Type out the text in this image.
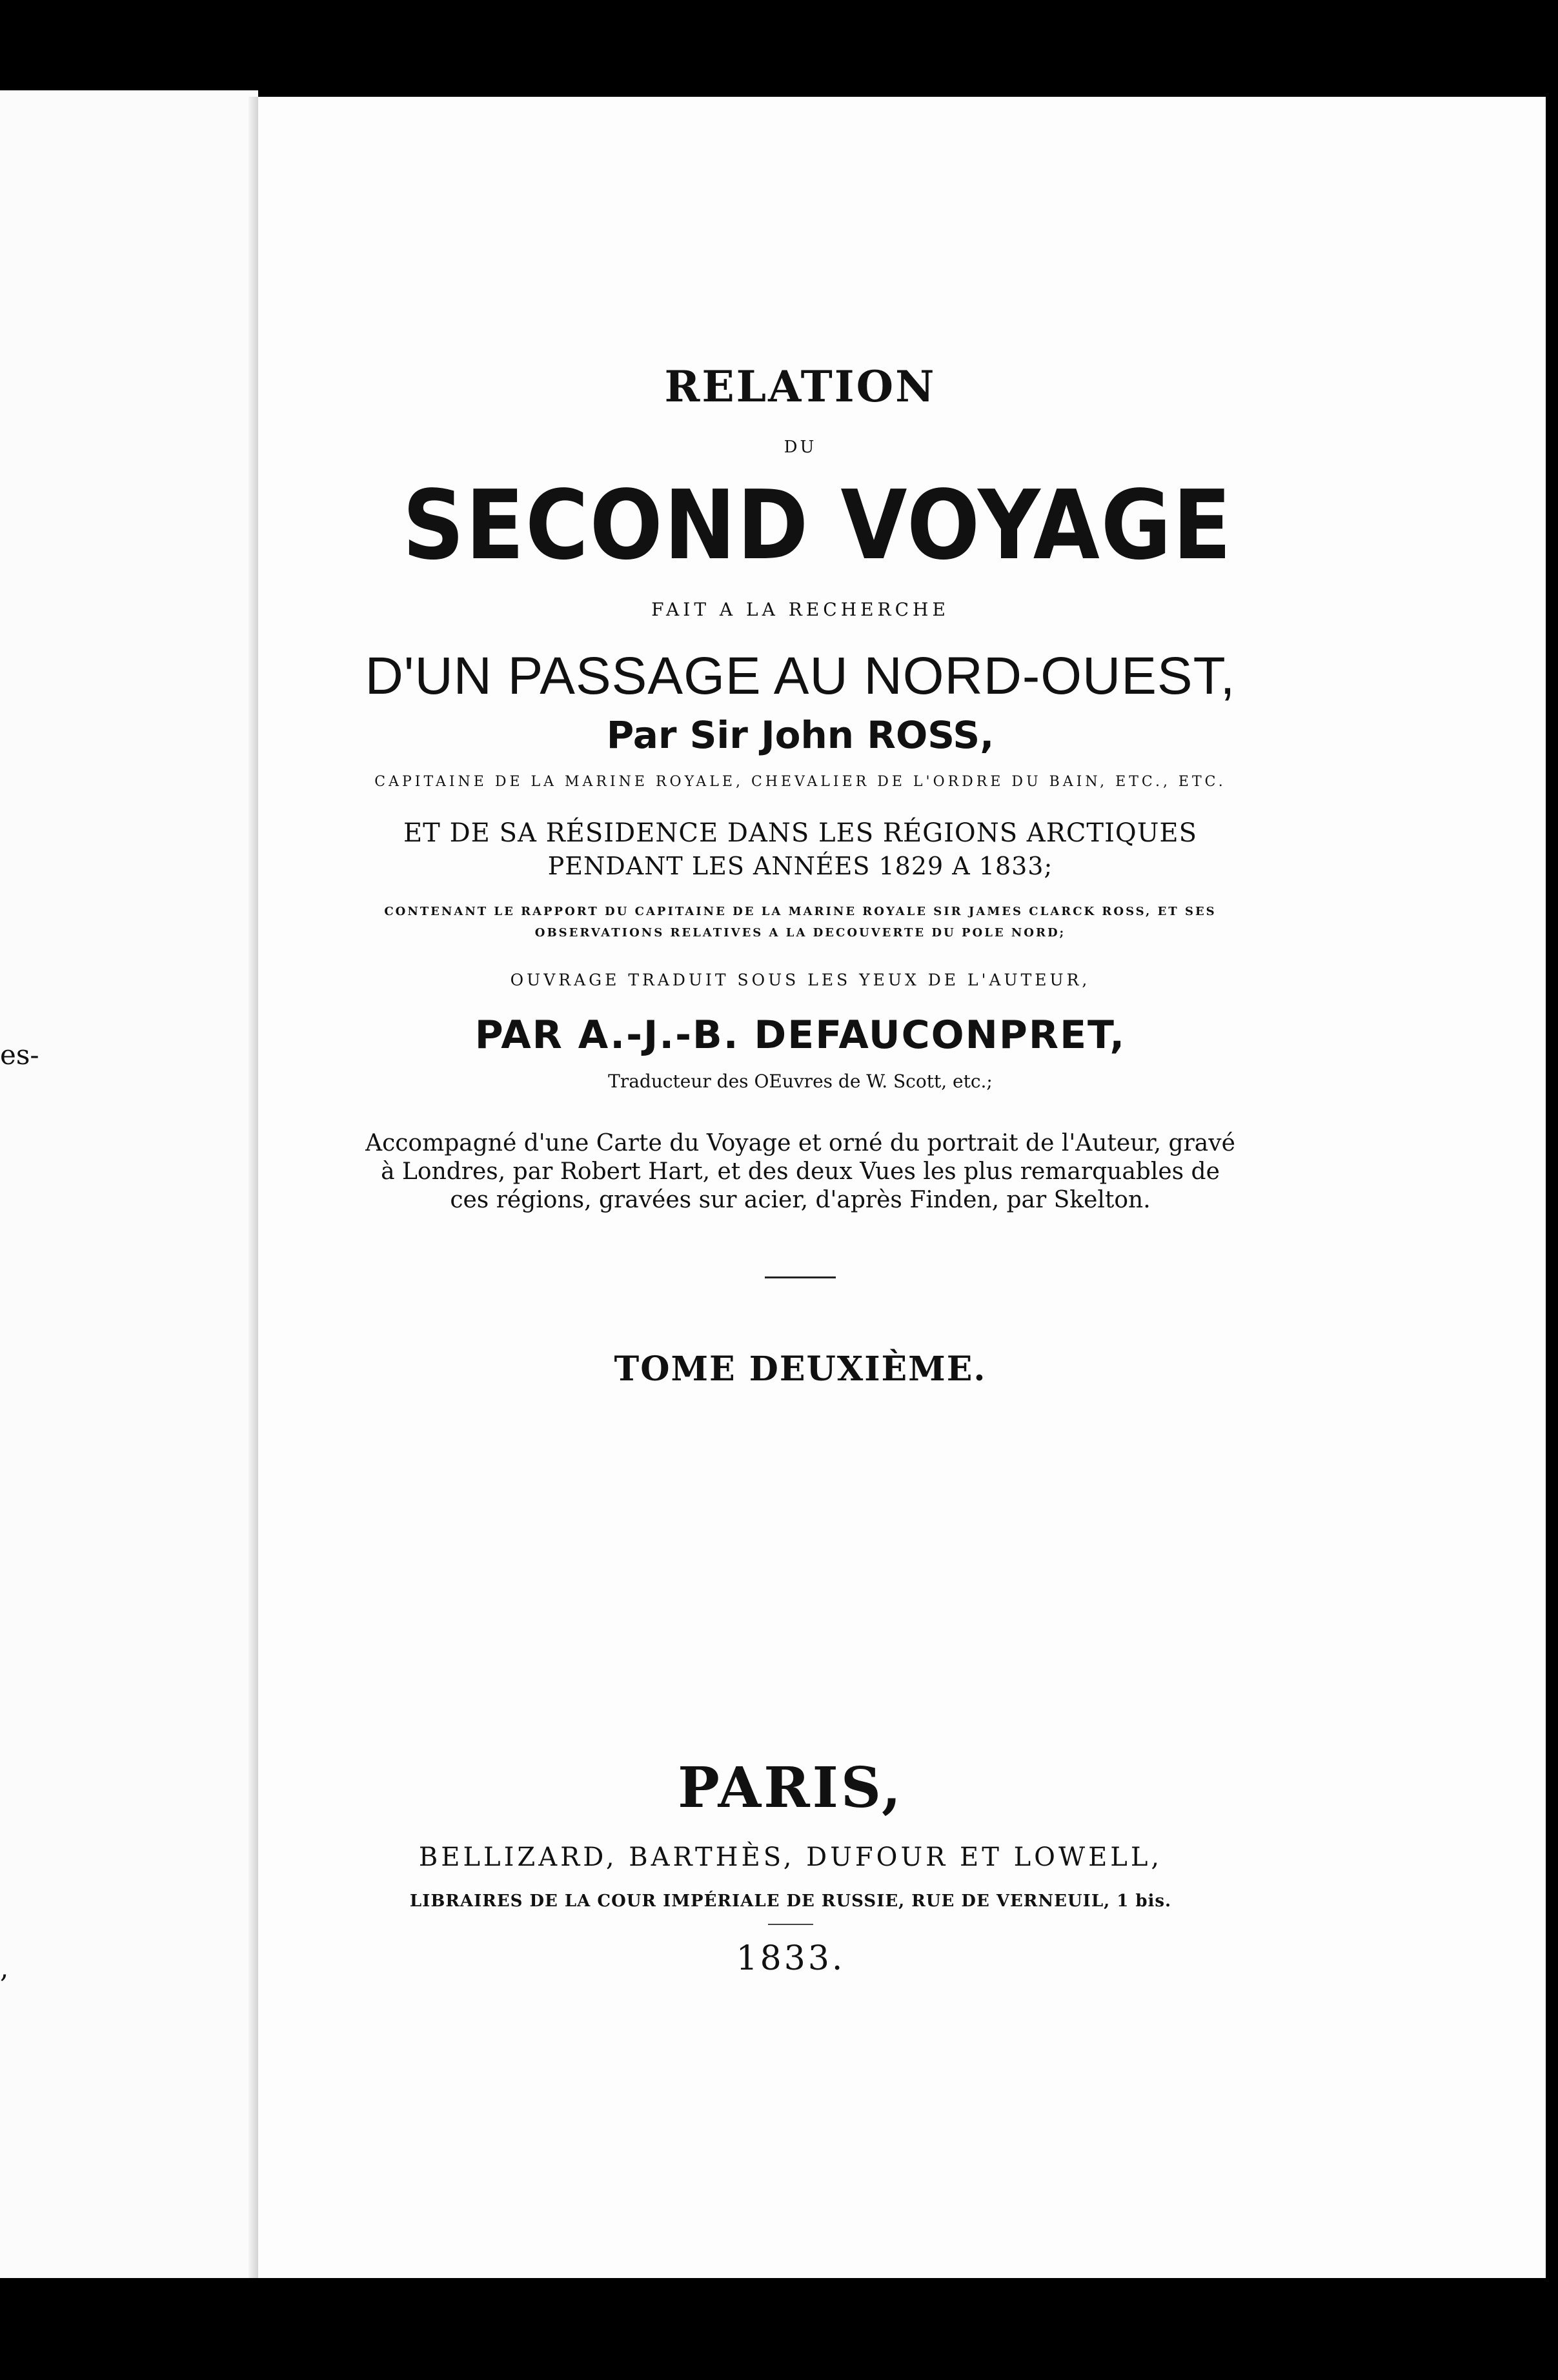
es-
,
RELATION
DU
SECOND VOYAGE
FAIT A LA RECHERCHE
D'UN PASSAGE AU NORD-OUEST,
Par Sir John ROSS,
CAPITAINE DE LA MARINE ROYALE, CHEVALIER DE L'ORDRE DU BAIN, ETC., ETC.
ET DE SA RÉSIDENCE DANS LES RÉGIONS ARCTIQUES
PENDANT LES ANNÉES 1829 A 1833;
CONTENANT LE RAPPORT DU CAPITAINE DE LA MARINE ROYALE SIR JAMES CLARCK ROSS, ET SES
OBSERVATIONS RELATIVES A LA DECOUVERTE DU POLE NORD;
OUVRAGE TRADUIT SOUS LES YEUX DE L'AUTEUR,
PAR A.-J.-B. DEFAUCONPRET,
Traducteur des OEuvres de W. Scott, etc.;
Accompagné d'une Carte du Voyage et orné du portrait de l'Auteur, gravé
à Londres, par Robert Hart, et des deux Vues les plus remarquables de
ces régions, gravées sur acier, d'après Finden, par Skelton.
TOME DEUXIÈME.
PARIS,
BELLIZARD, BARTHÈS, DUFOUR ET LOWELL,
LIBRAIRES DE LA COUR IMPÉRIALE DE RUSSIE, RUE DE VERNEUIL, 1 bis.
1833.
